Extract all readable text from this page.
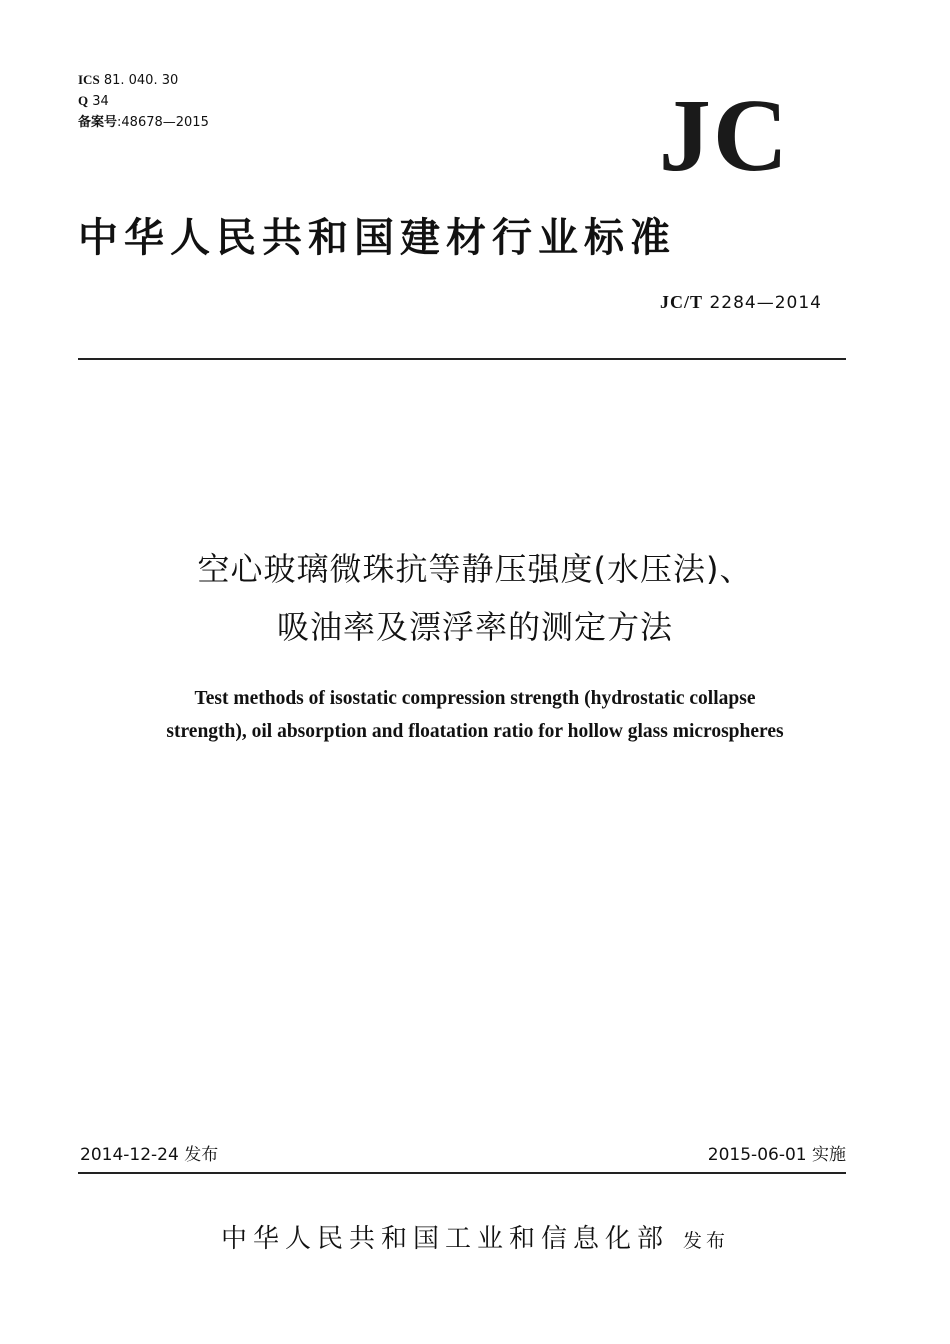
ICS 81. 040. 30
Q 34
备案号:48678—2015	JC
中华人民共和国建材行业标准
JC/T 2284—2014
空心玻璃微珠抗等静压强度(水压法)、
吸油率及漂浮率的测定方法
Test methods of isostatic compression strength (hydrostatic collapse
strength), oil absorption and floatation ratio for hollow glass microspheres
2014-12-24 发布	2015-06-01 实施
中华人民共和国工业和信息化部 发布
